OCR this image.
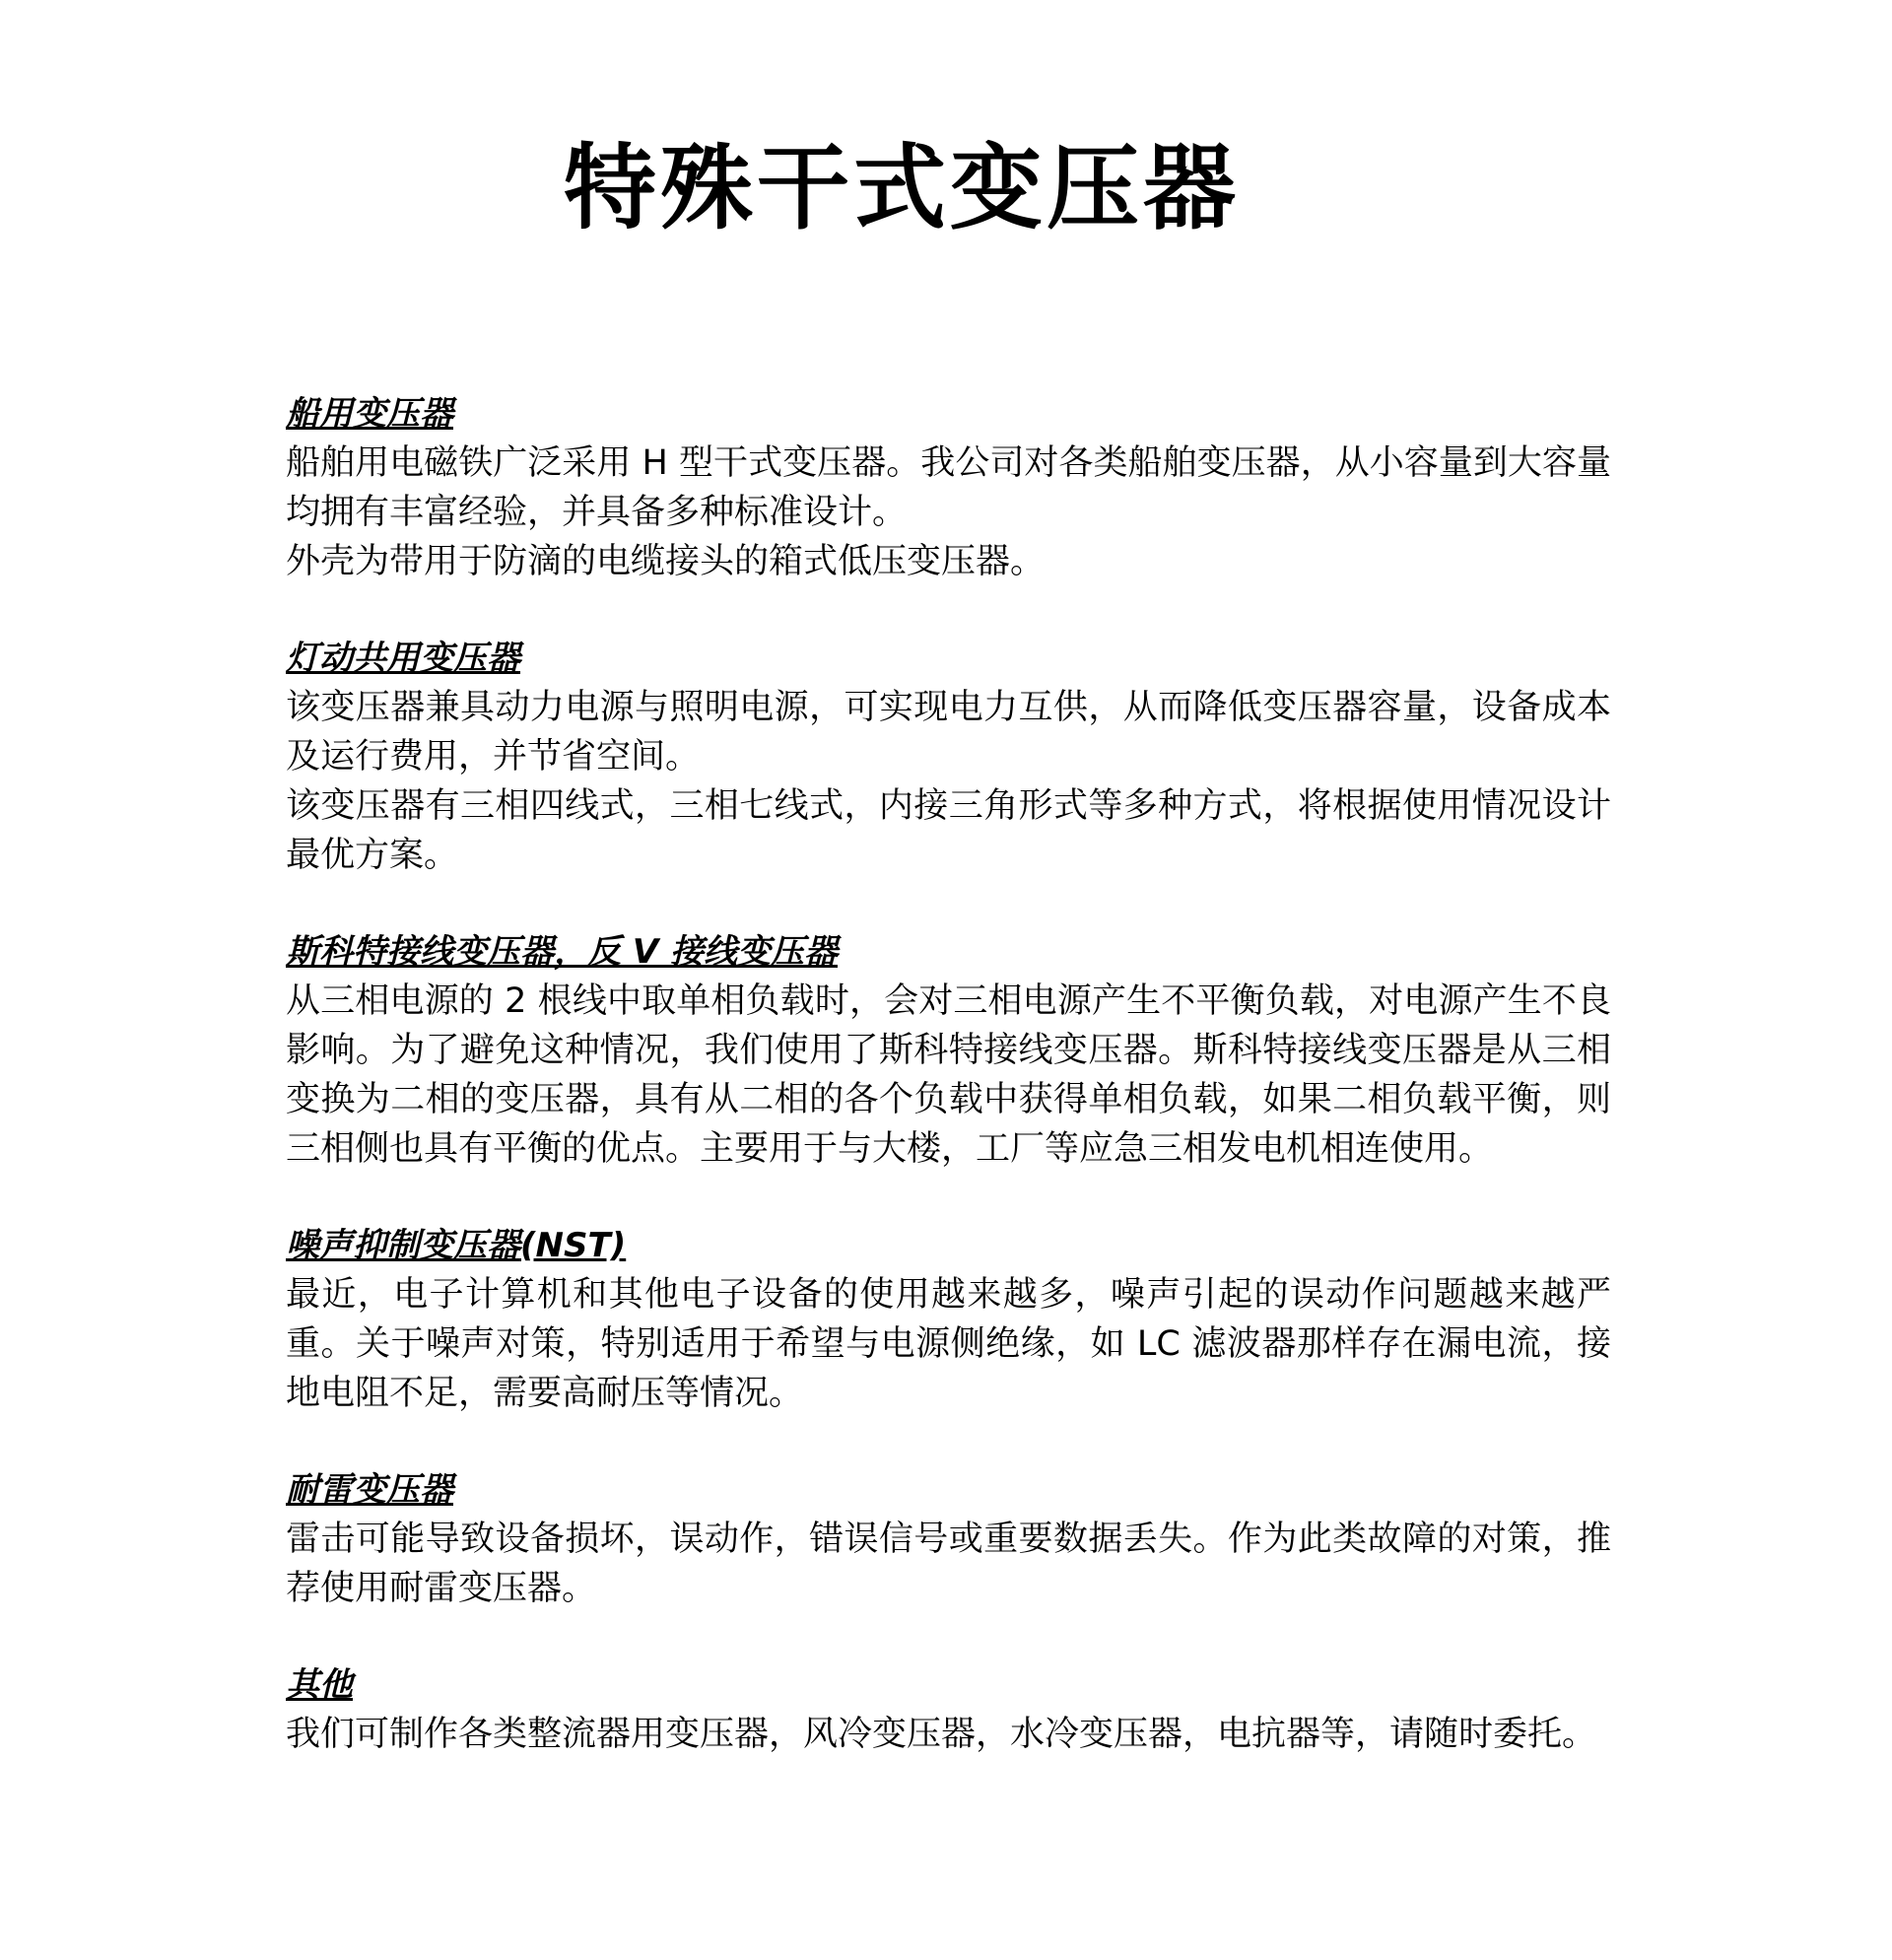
特殊干式变压器

船用变压器

船舶用电磁铁广泛采用 H 型干式变压器。我公司对各类船舶变压器，从小容量到大容量均拥有丰富经验，并具备多种标准设计。

外壳为带用于防滴的电缆接头的箱式低压变压器。

灯动共用变压器

该变压器兼具动力电源与照明电源，可实现电力互供，从而降低变压器容量，设备成本及运行费用，并节省空间。

该变压器有三相四线式，三相七线式，内接三角形式等多种方式，将根据使用情况设计最优方案。

斯科特接线变压器，反 V 接线变压器

从三相电源的 2 根线中取单相负载时，会对三相电源产生不平衡负载，对电源产生不良影响。为了避免这种情况，我们使用了斯科特接线变压器。斯科特接线变压器是从三相变换为二相的变压器，具有从二相的各个负载中获得单相负载，如果二相负载平衡，则三相侧也具有平衡的优点。主要用于与大楼，工厂等应急三相发电机相连使用。

噪声抑制变压器(NST)

最近，电子计算机和其他电子设备的使用越来越多，噪声引起的误动作问题越来越严重。关于噪声对策，特别适用于希望与电源侧绝缘，如 LC 滤波器那样存在漏电流，接地电阻不足，需要高耐压等情况。

耐雷变压器

雷击可能导致设备损坏，误动作，错误信号或重要数据丢失。作为此类故障的对策，推荐使用耐雷变压器。

其他

我们可制作各类整流器用变压器，风冷变压器，水冷变压器，电抗器等，请随时委托。
